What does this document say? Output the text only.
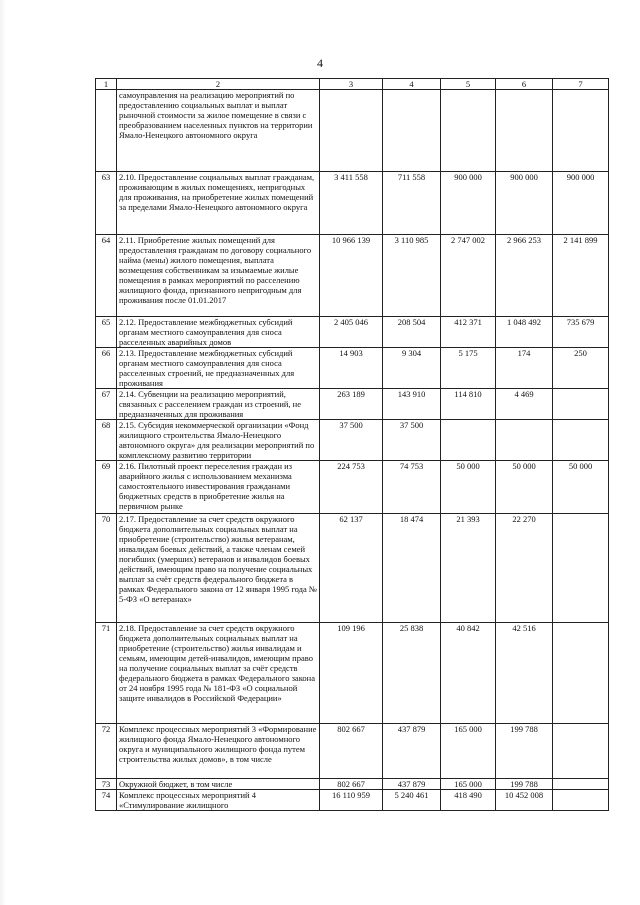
4
1	2	3	4	5	6	7
	самоуправления на реализацию мероприятий по предоставлению социальных выплат и выплат рыночной стоимости за жилое помещение в связи с преобразованием населенных пунктов на территории Ямало-Ненецкого автономного округа					
63	2.10. Предоставление социальных выплат гражданам, проживающим в жилых помещениях, непригодных для проживания, на приобретение жилых помещений за пределами Ямало-Ненецкого автономного округа	3 411 558	711 558	900 000	900 000	900 000
64	2.11. Приобретение жилых помещений для предоставления гражданам по договору социального найма (мены) жилого помещения, выплата возмещения собственникам за изымаемые жилые помещения в рамках мероприятий по расселению жилищного фонда, признанного непригодным для проживания после 01.01.2017	10 966 139	3 110 985	2 747 002	2 966 253	2 141 899
65	2.12. Предоставление межбюджетных субсидий органам местного самоуправления для сноса расселенных аварийных домов	2 405 046	208 504	412 371	1 048 492	735 679
66	2.13. Предоставление межбюджетных субсидий органам местного самоуправления для сноса расселенных строений, не предназначенных для проживания	14 903	9 304	5 175	174	250
67	2.14. Субвенции на реализацию мероприятий, связанных с расселением граждан из строений, не предназначенных для проживания	263 189	143 910	114 810	4 469	
68	2.15. Субсидия некоммерческой организации «Фонд жилищного строительства Ямало-Ненецкого автономного округа» для реализации мероприятий по комплексному развитию территории	37 500	37 500			
69	2.16. Пилотный проект переселения граждан из аварийного жилья с использованием механизма самостоятельного инвестирования гражданами бюджетных средств в приобретение жилья на первичном рынке	224 753	74 753	50 000	50 000	50 000
70	2.17. Предоставление за счет средств окружного бюджета дополнительных социальных выплат на приобретение (строительство) жилья ветеранам, инвалидам боевых действий, а также членам семей погибших (умерших) ветеранов и инвалидов боевых действий, имеющим право на получение социальных выплат за счёт средств федерального бюджета в рамках Федерального закона от 12 января 1995 года № 5-ФЗ «О ветеранах»	62 137	18 474	21 393	22 270	
71	2.18. Предоставление за счет средств окружного бюджета дополнительных социальных выплат на приобретение (строительство) жилья инвалидам и семьям, имеющим детей-инвалидов, имеющим право на получение социальных выплат за счёт средств федерального бюджета в рамках Федерального закона от 24 ноября 1995 года № 181-ФЗ «О социальной защите инвалидов в Российской Федерации»	109 196	25 838	40 842	42 516	
72	Комплекс процессных мероприятий 3 «Формирование жилищного фонда Ямало-Ненецкого автономного округа и муниципального жилищного фонда путем строительства жилых домов», в том числе	802 667	437 879	165 000	199 788	
73	Окружной бюджет, в том числе	802 667	437 879	165 000	199 788	
74	Комплекс процессных мероприятий 4 «Стимулирование жилищного	16 110 959	5 240 461	418 490	10 452 008	
